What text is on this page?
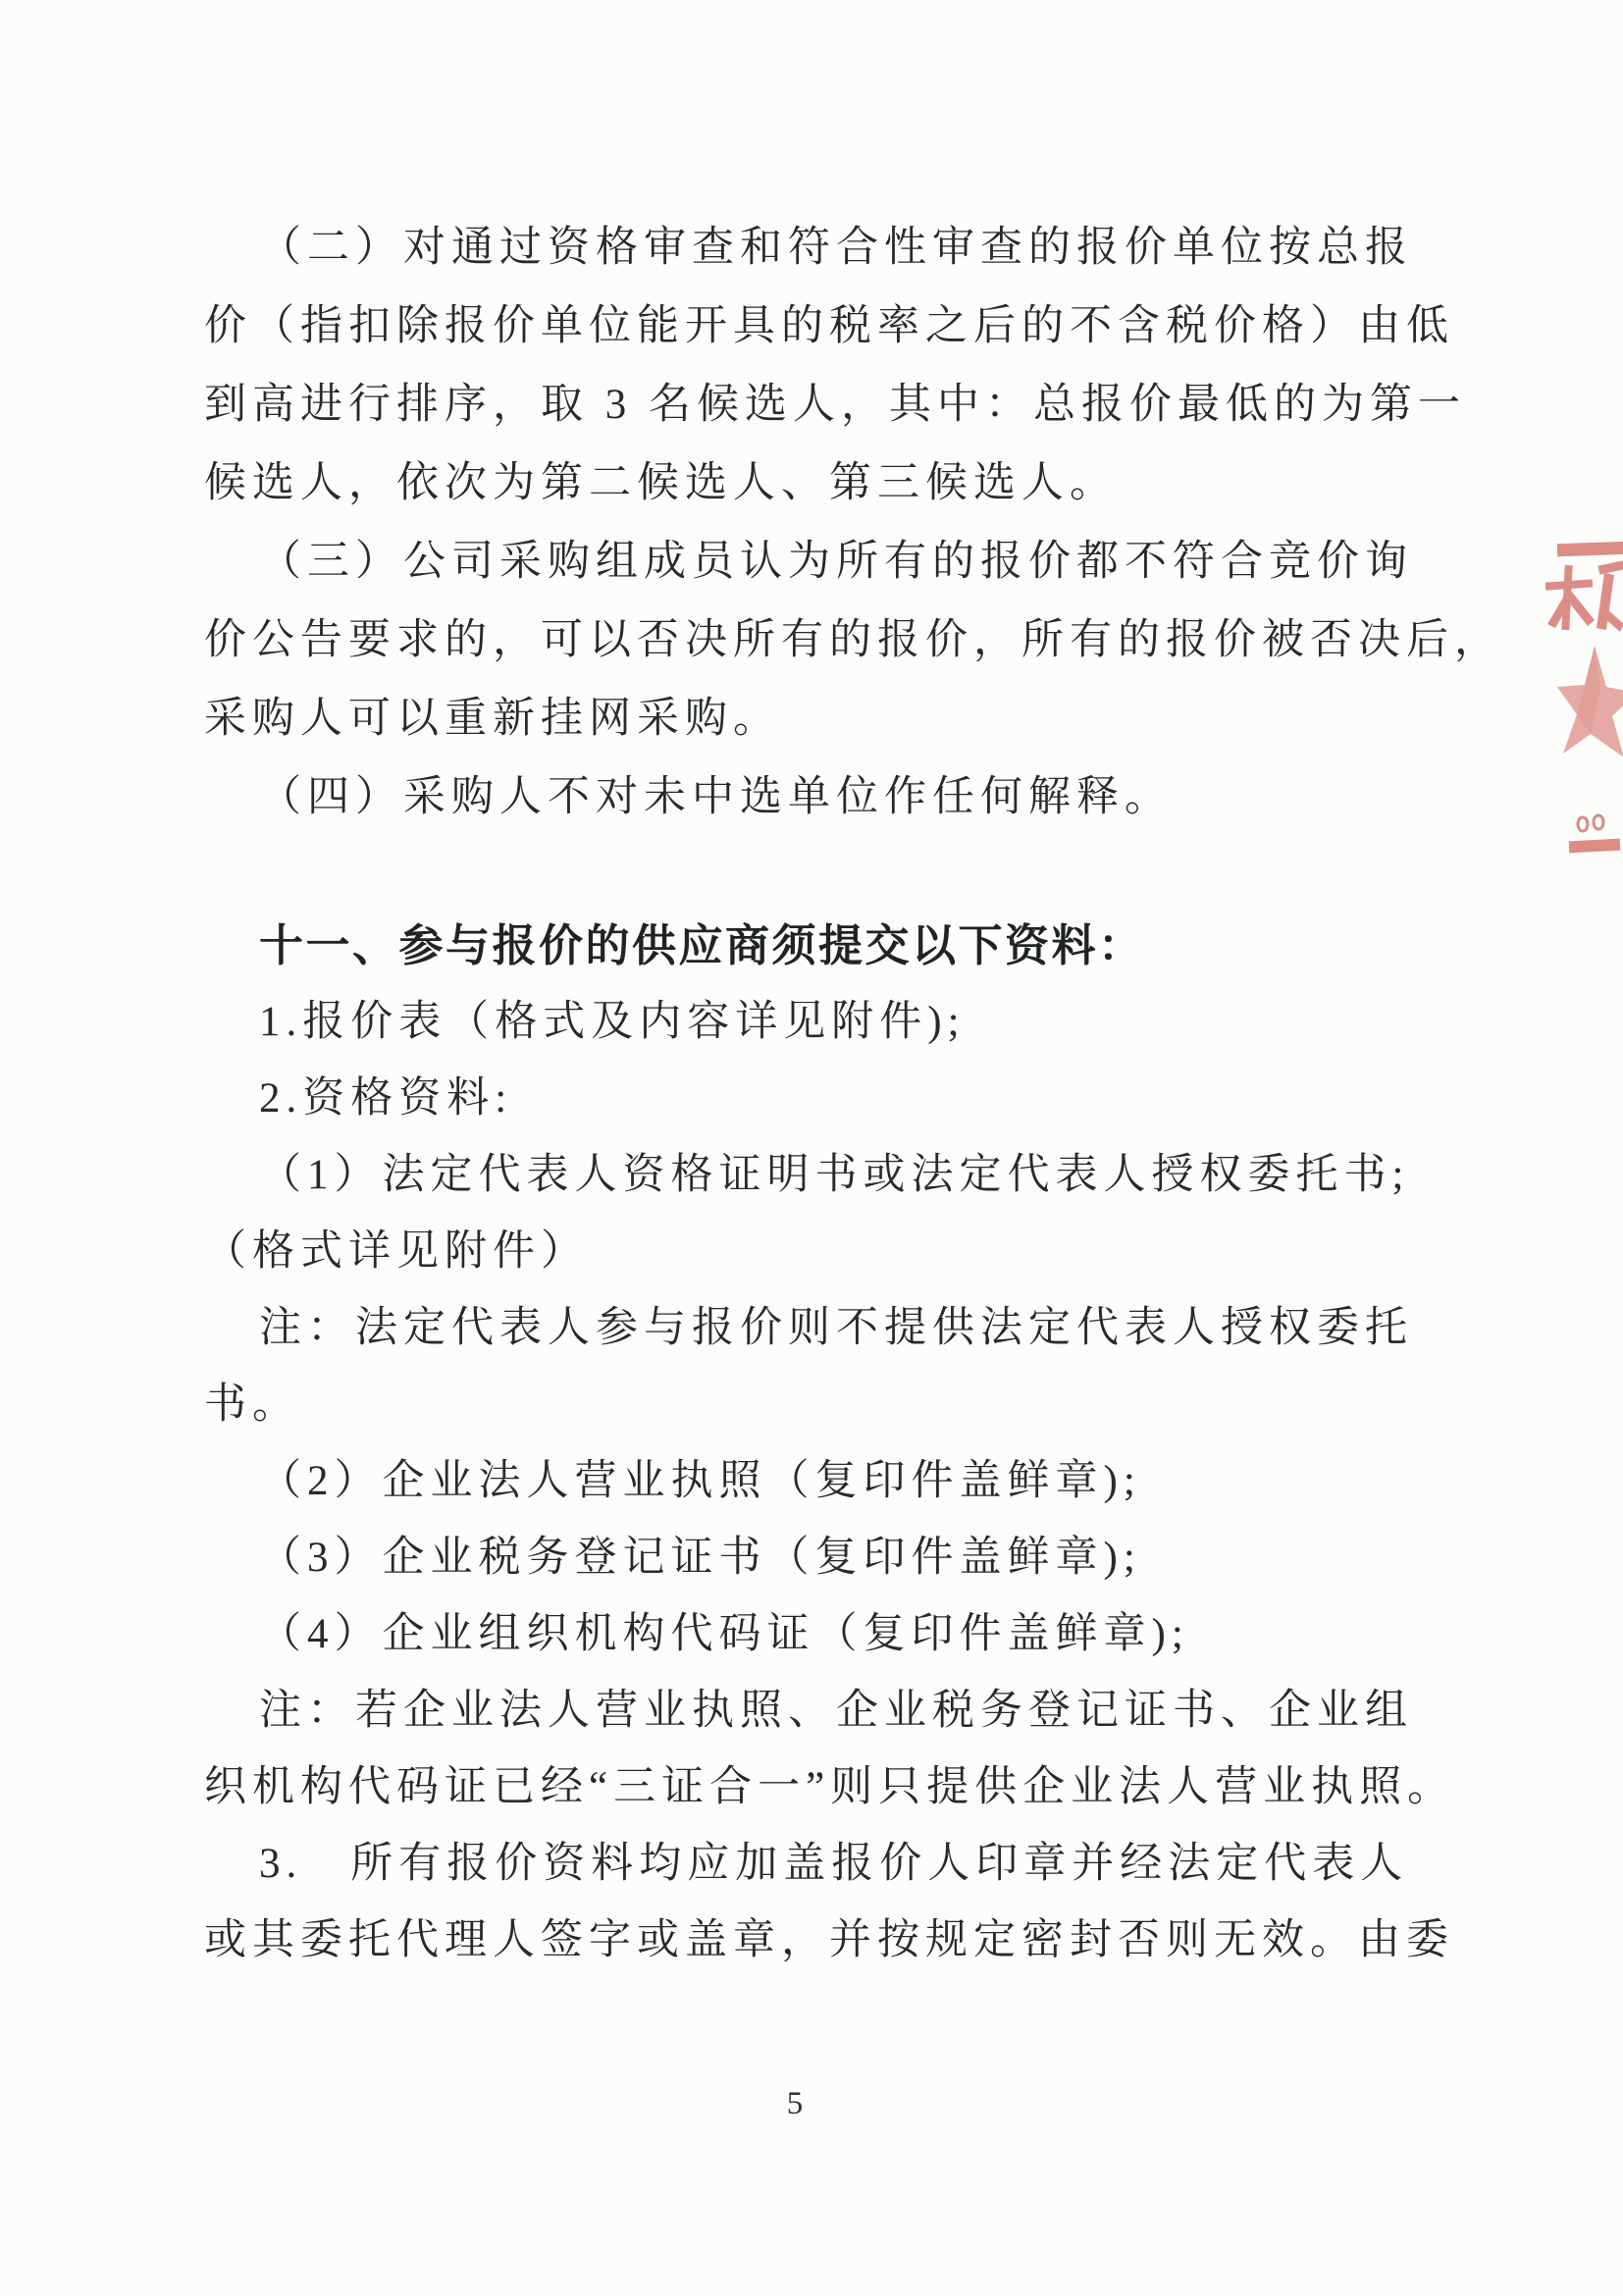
（二）对通过资格审查和符合性审查的报价单位按总报
价（指扣除报价单位能开具的税率之后的不含税价格）由低
到高进行排序，取 3 名候选人，其中：总报价最低的为第一
候选人，依次为第二候选人、第三候选人。
（三）公司采购组成员认为所有的报价都不符合竞价询
价公告要求的，可以否决所有的报价，所有的报价被否决后，
采购人可以重新挂网采购。
（四）采购人不对未中选单位作任何解释。
十一、参与报价的供应商须提交以下资料：
1.报价表（格式及内容详见附件);
2.资格资料:
（1）法定代表人资格证明书或法定代表人授权委托书;
（格式详见附件）
注：法定代表人参与报价则不提供法定代表人授权委托
书。
（2）企业法人营业执照（复印件盖鲜章);
（3）企业税务登记证书（复印件盖鲜章);
（4）企业组织机构代码证（复印件盖鲜章);
注：若企业法人营业执照、企业税务登记证书、企业组
织机构代码证已经“三证合一”则只提供企业法人营业执照。
3.　所有报价资料均应加盖报价人印章并经法定代表人
或其委托代理人签字或盖章，并按规定密封否则无效。由委
5
